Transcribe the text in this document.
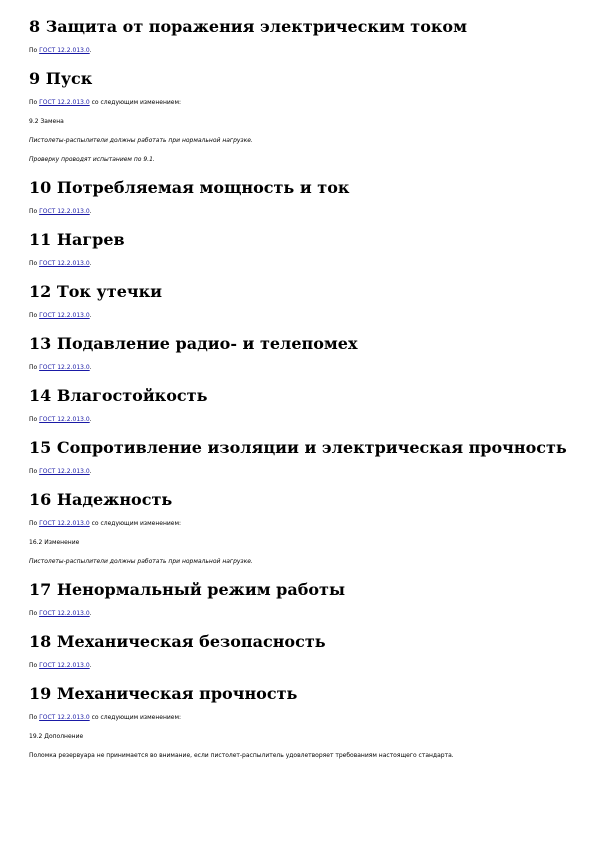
8 Защита от поражения электрическим током

По ГОСТ 12.2.013.0.

9 Пуск

По ГОСТ 12.2.013.0 со следующим изменением:

9.2 Замена

Пистолеты-распылители должны работать при нормальной нагрузке.

Проверку проводят испытанием по 9.1.

10 Потребляемая мощность и ток

По ГОСТ 12.2.013.0.

11 Нагрев

По ГОСТ 12.2.013.0.

12 Ток утечки

По ГОСТ 12.2.013.0.

13 Подавление радио- и телепомех

По ГОСТ 12.2.013.0.

14 Влагостойкость

По ГОСТ 12.2.013.0.

15 Сопротивление изоляции и электрическая прочность

По ГОСТ 12.2.013.0.

16 Надежность

По ГОСТ 12.2.013.0 со следующим изменением:

16.2 Изменение

Пистолеты-распылители должны работать при нормальной нагрузке.

17 Ненормальный режим работы

По ГОСТ 12.2.013.0.

18 Механическая безопасность

По ГОСТ 12.2.013.0.

19 Механическая прочность

По ГОСТ 12.2.013.0 со следующим изменением:

19.2 Дополнение

Поломка резервуара не принимается во внимание, если пистолет-распылитель удовлетворяет требованиям настоящего стандарта.
